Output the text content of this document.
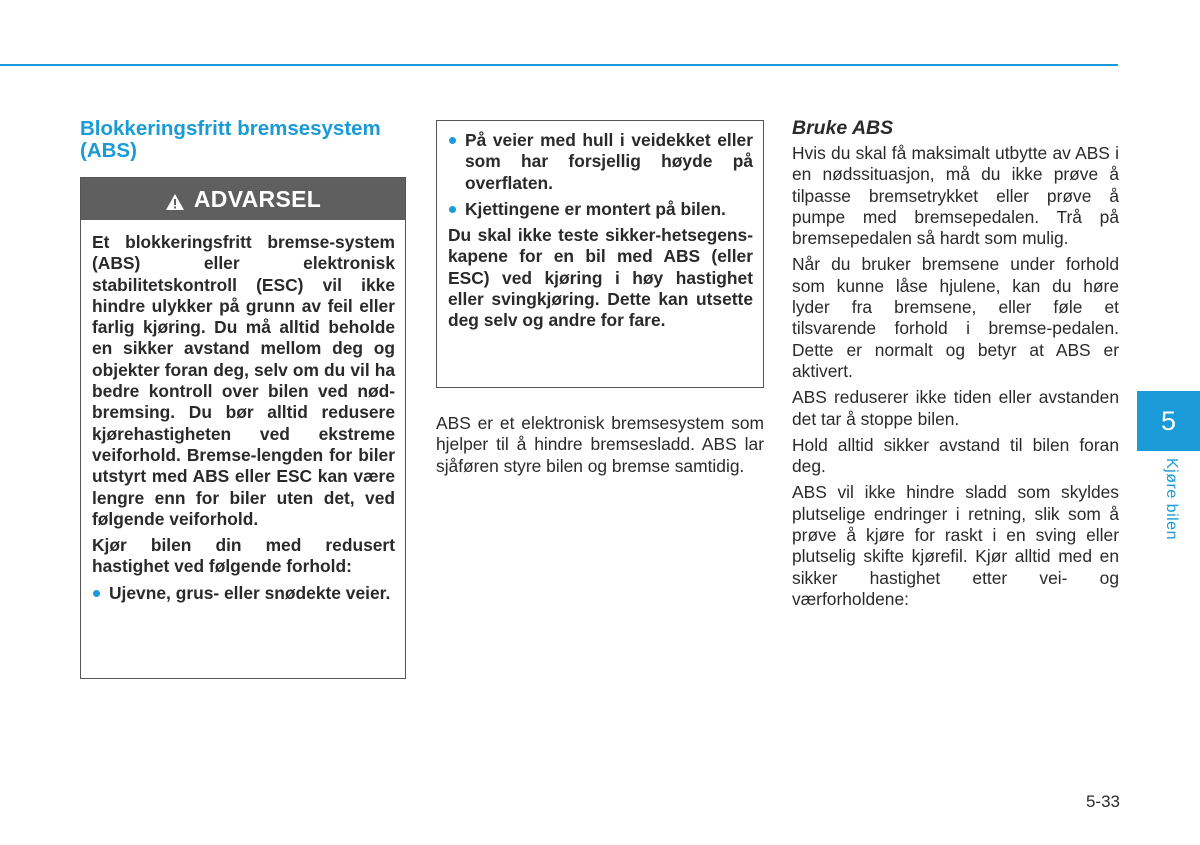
Blokkeringsfritt bremsesystem (ABS)
ADVARSEL

Et blokkeringsfritt bremse-system (ABS) eller elektronisk stabilitetskontroll (ESC) vil ikke hindre ulykker på grunn av feil eller farlig kjøring. Du må alltid beholde en sikker avstand mellom deg og objekter foran deg, selv om du vil ha bedre kontroll over bilen ved nød-bremsing. Du bør alltid redusere kjørehastigheten ved ekstreme veiforhold. Bremse-lengden for biler utstyrt med ABS eller ESC kan være lengre enn for biler uten det, ved følgende veiforhold.

Kjør bilen din med redusert hastighet ved følgende forhold:

Ujevne, grus- eller snødekte veier.
På veier med hull i veidekket eller som har forsjellig høyde på overflaten.
Kjettingene er montert på bilen.

Du skal ikke teste sikker-hetsegens- kapene for en bil med ABS (eller ESC) ved kjøring i høy hastighet eller svingkjøring. Dette kan utsette deg selv og andre for fare.

ABS er et elektronisk bremsesystem som hjelper til å hindre bremsesladd. ABS lar sjåføren styre bilen og bremse samtidig.

Bruke ABS

Hvis du skal få maksimalt utbytte av ABS i en nødssituasjon, må du ikke prøve å tilpasse bremsetrykket eller prøve å pumpe med bremsepedalen. Trå på bremsepedalen så hardt som mulig.

Når du bruker bremsene under forhold som kunne låse hjulene, kan du høre lyder fra bremsene, eller føle et tilsvarende forhold i bremse-pedalen. Dette er normalt og betyr at ABS er aktivert.

ABS reduserer ikke tiden eller avstanden det tar å stoppe bilen.

Hold alltid sikker avstand til bilen foran deg.

ABS vil ikke hindre sladd som skyldes plutselige endringer i retning, slik som å prøve å kjøre for raskt i en sving eller plutselig skifte kjørefil. Kjør alltid med en sikker hastighet etter vei- og værforholdene:

5
Kjøre bilen
5-33
